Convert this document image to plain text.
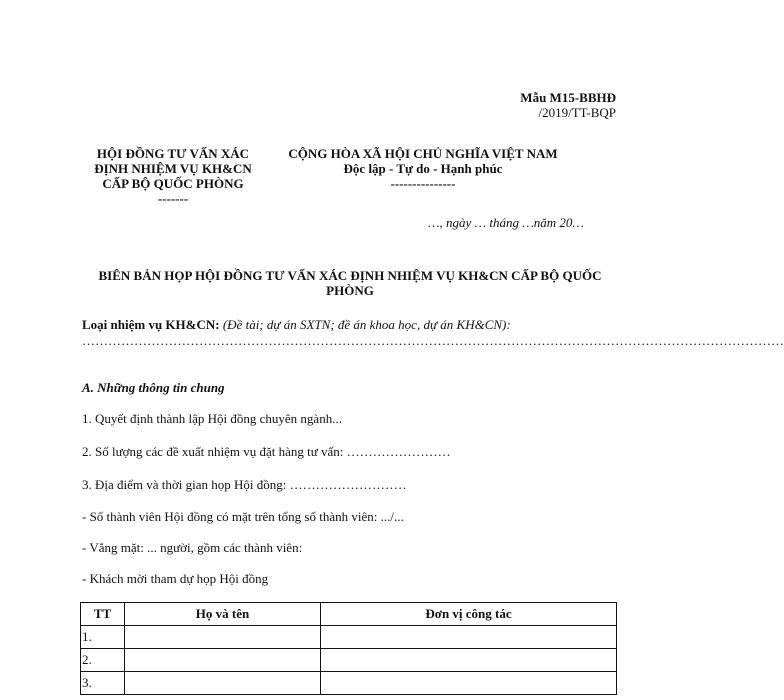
Mẫu M15-BBHĐ
/2019/TT-BQP
HỘI ĐỒNG TƯ VẤN XÁC
ĐỊNH NHIỆM VỤ KH&CN
CẤP BỘ QUỐC PHÒNG
-------
CỘNG HÒA XÃ HỘI CHỦ NGHĨA VIỆT NAM
Độc lập - Tự do - Hạnh phúc
---------------
…, ngày … tháng …năm 20…
BIÊN BẢN HỌP HỘI ĐỒNG TƯ VẤN XÁC ĐỊNH NHIỆM VỤ KH&CN CẤP BỘ QUỐC PHÒNG
Loại nhiệm vụ KH&CN: (Đề tài; dự án SXTN; đề án khoa học, dự án KH&CN):
………………………………………………………………………………………………………………………………………………
A. Những thông tin chung
1. Quyết định thành lập Hội đồng chuyên ngành...
2. Số lượng các đề xuất nhiệm vụ đặt hàng tư vấn: ……………………
3. Địa điểm và thời gian họp Hội đồng: ………………………
- Số thành viên Hội đồng có mặt trên tổng số thành viên: .../...
- Vắng mặt: ... người, gồm các thành viên:
- Khách mời tham dự họp Hội đồng
TT	Họ và tên	Đơn vị công tác
1.		
2.		
3.		
